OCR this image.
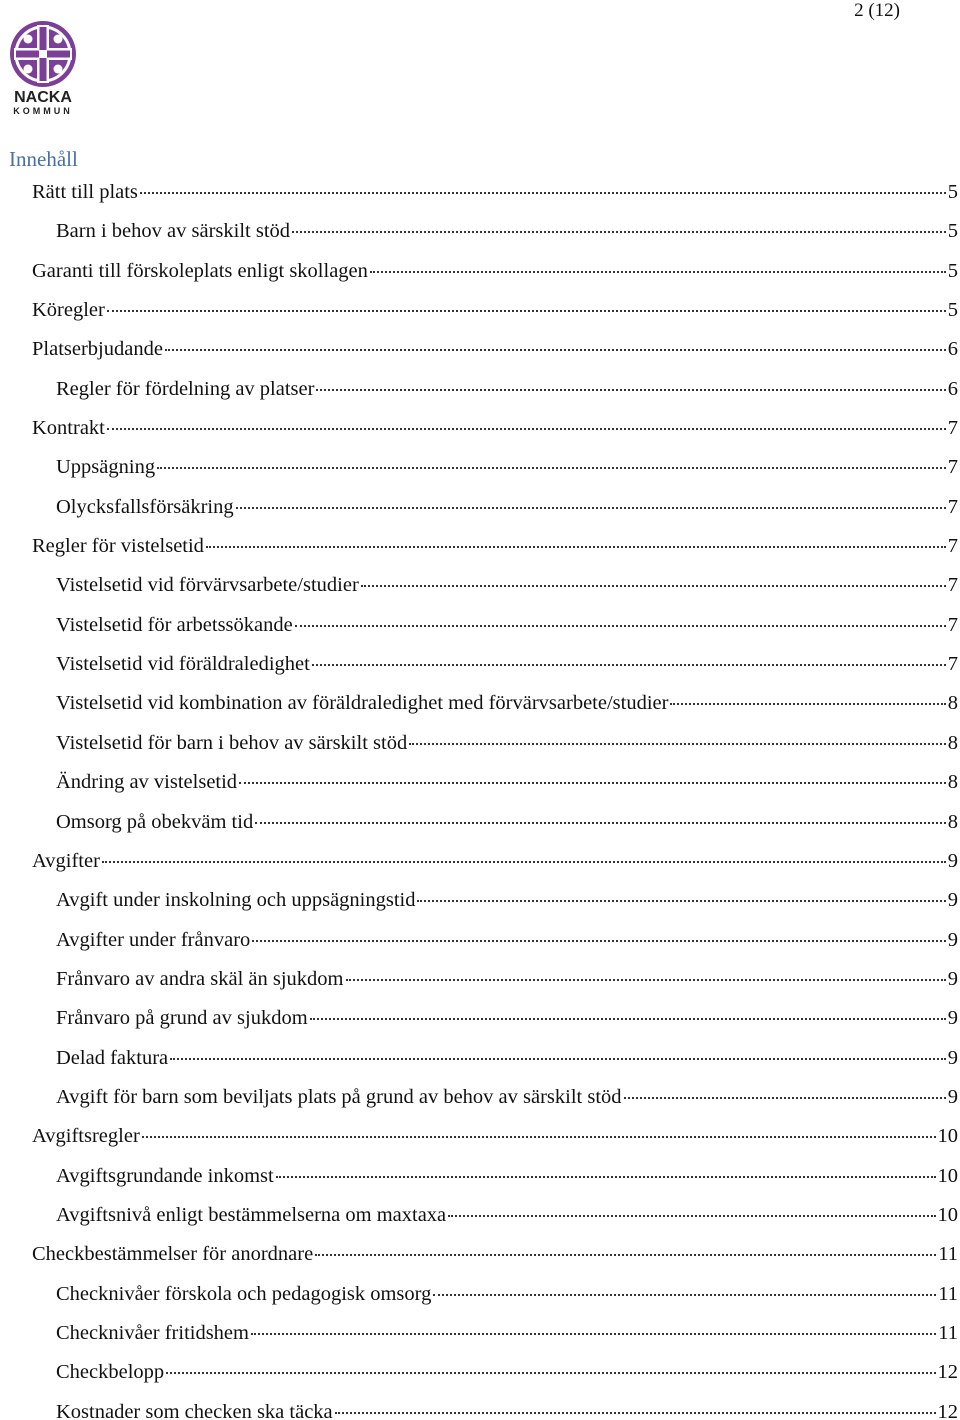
2 (12)
NACKA
KOMMUN
Innehåll
Rätt till plats	5
Barn i behov av särskilt stöd	5
Garanti till förskoleplats enligt skollagen	5
Köregler	5
Platserbjudande	6
Regler för fördelning av platser	6
Kontrakt	7
Uppsägning	7
Olycksfallsförsäkring	7
Regler för vistelsetid	7
Vistelsetid vid förvärvsarbete/studier	7
Vistelsetid för arbetssökande	7
Vistelsetid vid föräldraledighet	7
Vistelsetid vid kombination av föräldraledighet med förvärvsarbete/studier	8
Vistelsetid för barn i behov av särskilt stöd	8
Ändring av vistelsetid	8
Omsorg på obekväm tid	8
Avgifter	9
Avgift under inskolning och uppsägningstid	9
Avgifter under frånvaro	9
Frånvaro av andra skäl än sjukdom	9
Frånvaro på grund av sjukdom	9
Delad faktura	9
Avgift för barn som beviljats plats på grund av behov av särskilt stöd	9
Avgiftsregler	10
Avgiftsgrundande inkomst	10
Avgiftsnivå enligt bestämmelserna om maxtaxa	10
Checkbestämmelser för anordnare	11
Checknivåer förskola och pedagogisk omsorg	11
Checknivåer fritidshem	11
Checkbelopp	12
Kostnader som checken ska täcka	12
